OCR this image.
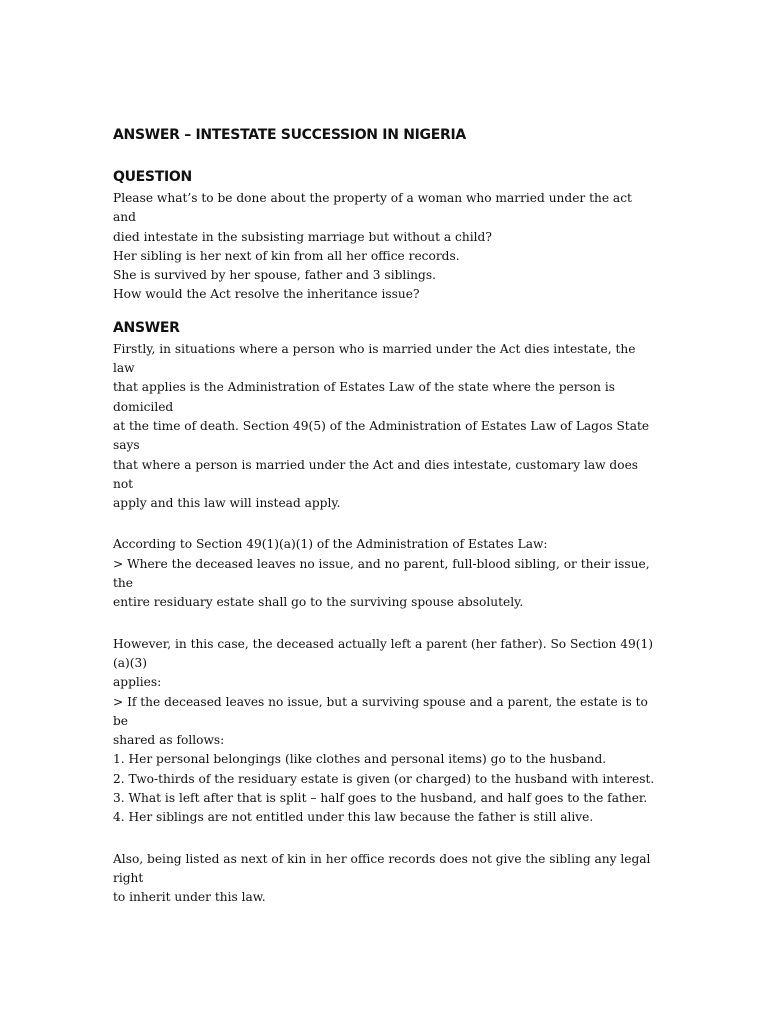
ANSWER – INTESTATE SUCCESSION IN NIGERIA
QUESTION

Please what’s to be done about the property of a woman who married under the act and
died intestate in the subsisting marriage but without a child?
Her sibling is her next of kin from all her office records.
She is survived by her spouse, father and 3 siblings.
How would the Act resolve the inheritance issue?

ANSWER

Firstly, in situations where a person who is married under the Act dies intestate, the law
that applies is the Administration of Estates Law of the state where the person is domiciled
at the time of death. Section 49(5) of the Administration of Estates Law of Lagos State says
that where a person is married under the Act and dies intestate, customary law does not
apply and this law will instead apply.

According to Section 49(1)(a)(1) of the Administration of Estates Law:
> Where the deceased leaves no issue, and no parent, full-blood sibling, or their issue, the
entire residuary estate shall go to the surviving spouse absolutely.

However, in this case, the deceased actually left a parent (her father). So Section 49(1)(a)(3)
applies:
> If the deceased leaves no issue, but a surviving spouse and a parent, the estate is to be
shared as follows:
1. Her personal belongings (like clothes and personal items) go to the husband.
2. Two-thirds of the residuary estate is given (or charged) to the husband with interest.
3. What is left after that is split – half goes to the husband, and half goes to the father.
4. Her siblings are not entitled under this law because the father is still alive.

Also, being listed as next of kin in her office records does not give the sibling any legal right
to inherit under this law.
